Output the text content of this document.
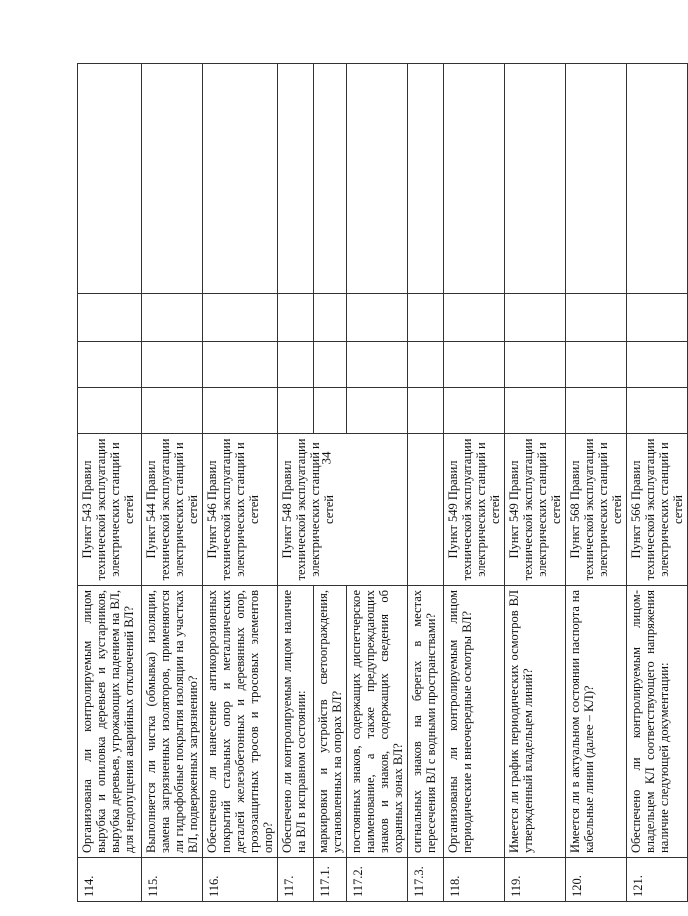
34
114.	Организована ли контролируемым лицом вырубка и опиловка деревьев и кустарников, вырубка деревьев, угрожающих падением на ВЛ, для недопущения аварийных отключений ВЛ?	Пункт 543 Правил технической эксплуатации электрических станций и сетей				
115.	Выполняется ли чистка (обмывка) изоляции, замена загрязненных изоляторов, применяются ли гидрофобные покрытия изоляции на участках ВЛ, подверженных загрязнению?	Пункт 544 Правил технической эксплуатации электрических станций и сетей				
116.	Обеспечено ли нанесение антикоррозионных покрытий стальных опор и металлических деталей железобетонных и деревянных опор, грозозащитных тросов и тросовых элементов опор?	Пункт 546 Правил технической эксплуатации электрических станций и сетей				
117.	Обеспечено ли контролируемым лицом наличие на ВЛ в исправном состоянии:	Пункт 548 Правил технической эксплуатации электрических станций и сетей				
117.1.	маркировки и устройств светоограждения, установленных на опорах ВЛ?					
117.2.	постоянных знаков, содержащих диспетчерское наименование, а также предупреждающих знаков и знаков, содержащих сведения об охранных зонах ВЛ?					
117.3.	сигнальных знаков на берегах в местах пересечения ВЛ с водными пространствами?					
118.	Организованы ли контролируемым лицом периодические и внеочередные осмотры ВЛ?	Пункт 549 Правил технической эксплуатации электрических станций и сетей				
119.	Имеется ли график периодических осмотров ВЛ утвержденный владельцем линий?	Пункт 549 Правил технической эксплуатации электрических станций и сетей				
120.	Имеется ли в актуальном состоянии паспорта на кабельные линии (далее – КЛ)?	Пункт 568 Правил технической эксплуатации электрических станций и сетей				
121.	Обеспечено ли контролируемым лицом-владельцем КЛ соответствующего напряжения наличие следующей документации:	Пункт 566 Правил технической эксплуатации электрических станций и сетей				
